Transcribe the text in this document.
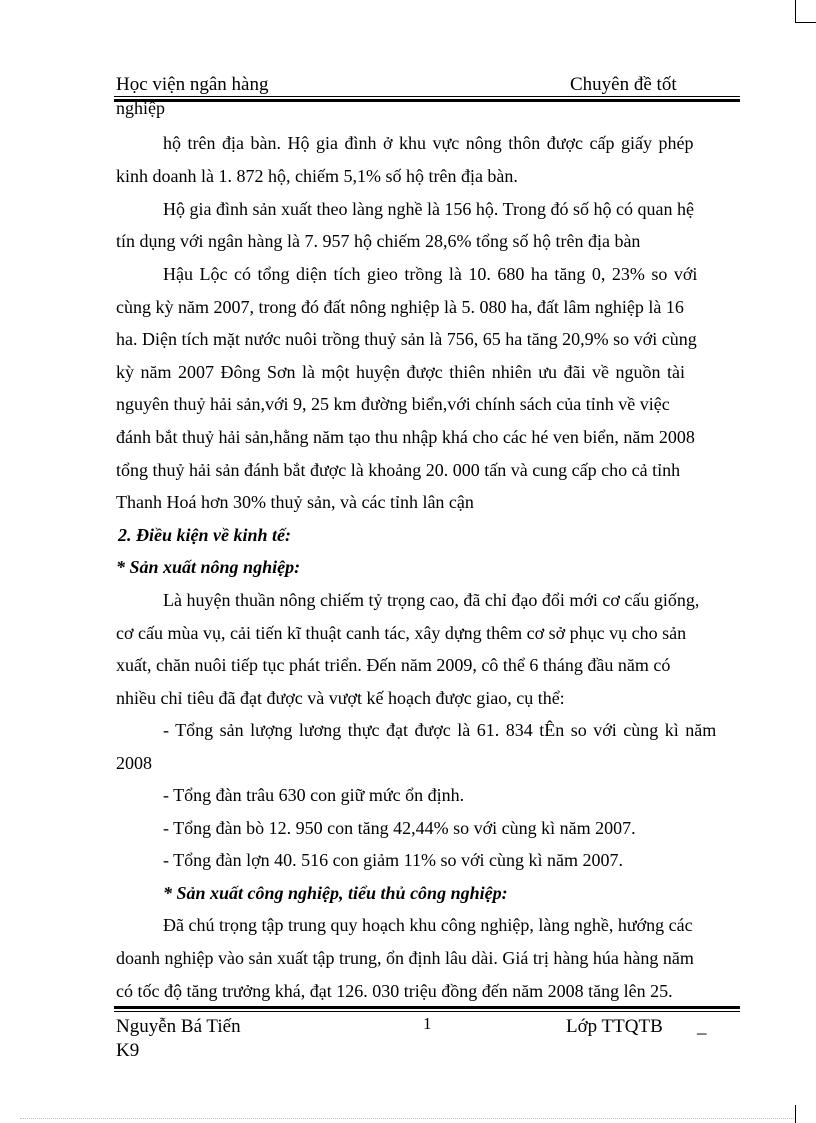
Học viện ngân hàng	Chuyên đề tốt
nghiệp
hộ trên địa bàn. Hộ gia đình ở khu vực nông thôn được cấp giấy phép
kinh doanh là 1. 872 hộ, chiếm 5,1% số hộ trên địa bàn.
Hộ gia đình sản xuất theo làng nghề là 156 hộ. Trong đó số hộ có quan hệ
tín dụng với ngân hàng là 7. 957 hộ chiếm 28,6% tổng số hộ trên địa bàn
Hậu Lộc có tổng diện tích gieo trồng là 10. 680 ha tăng 0, 23% so với
cùng kỳ năm 2007, trong đó đất nông nghiệp là 5. 080 ha, đất lâm nghiệp là 16
ha. Diện tích mặt nước nuôi trồng thuỷ sản là 756, 65 ha tăng 20,9% so với cùng
kỳ năm 2007 Đông Sơn là một huyện được thiên nhiên ưu đãi về nguồn tài
nguyên thuỷ hải sản,với 9, 25 km đường biển,với chính sách của tỉnh về việc
đánh bắt thuỷ hải sản,hằng năm tạo thu nhập khá cho các hé ven biển, năm 2008
tổng thuỷ hải sản đánh bắt được là khoảng 20. 000 tấn và cung cấp cho cả tỉnh
Thanh Hoá hơn 30% thuỷ sản, và các tỉnh lân cận
2. Điều kiện về kinh tế:
* Sản xuất nông nghiệp:
Là huyện thuần nông chiếm tỷ trọng cao, đã chỉ đạo đổi mới cơ cấu giống,
cơ cấu mùa vụ, cải tiến kĩ thuật canh tác, xây dựng thêm cơ sở phục vụ cho sản
xuất, chăn nuôi tiếp tục phát triển. Đến năm 2009, cô thể 6 tháng đầu năm có
nhiều chỉ tiêu đã đạt được và vượt kế hoạch được giao, cụ thể:
- Tổng sản lượng lương thực đạt được là 61. 834 tÊn so với cùng kì năm
2008
- Tổng đàn trâu 630 con giữ mức ổn định.
- Tổng đàn bò 12. 950 con tăng 42,44% so với cùng kì năm 2007.
- Tổng đàn lợn 40. 516 con giảm 11% so với cùng kì năm 2007.
* Sản xuất công nghiệp, tiểu thủ công nghiệp:
Đã chú trọng tập trung quy hoạch khu công nghiệp, làng nghề, hướng các
doanh nghiệp vào sản xuất tập trung, ổn định lâu dài. Giá trị hàng húa hàng năm
có tốc độ tăng trưởng khá, đạt 126. 030 triệu đồng đến năm 2008 tăng lên 25.
Nguyễn Bá Tiến	1	Lớp TTQTB _
K9
